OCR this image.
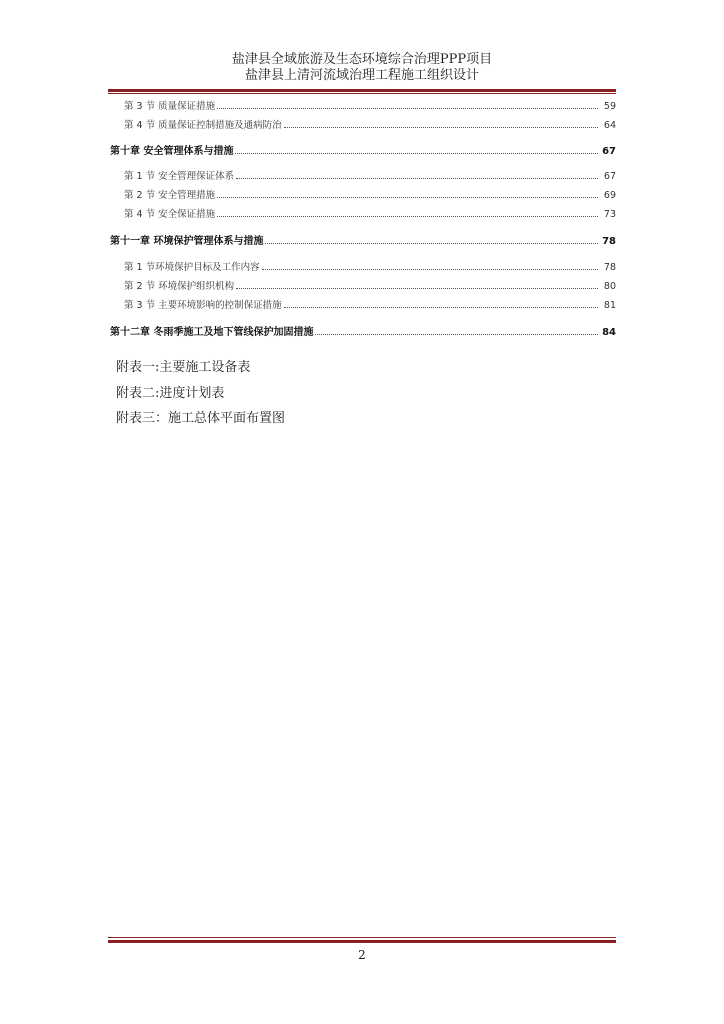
盐津县全域旅游及生态环境综合治理PPP项目
盐津县上清河流域治理工程施工组织设计
第 3 节 质量保证措施	59
第 4 节 质量保证控制措施及通病防治	64
第十章 安全管理体系与措施	67
第 1 节 安全管理保证体系	67
第 2 节 安全管理措施	69
第 4 节 安全保证措施	73
第十一章 环境保护管理体系与措施	78
第 1 节环境保护目标及工作内容	78
第 2 节 环境保护组织机构	80
第 3 节 主要环境影响的控制保证措施	81
第十二章 冬雨季施工及地下管线保护加固措施	84
附表一:主要施工设备表
附表二:进度计划表
附表三：施工总体平面布置图
2
